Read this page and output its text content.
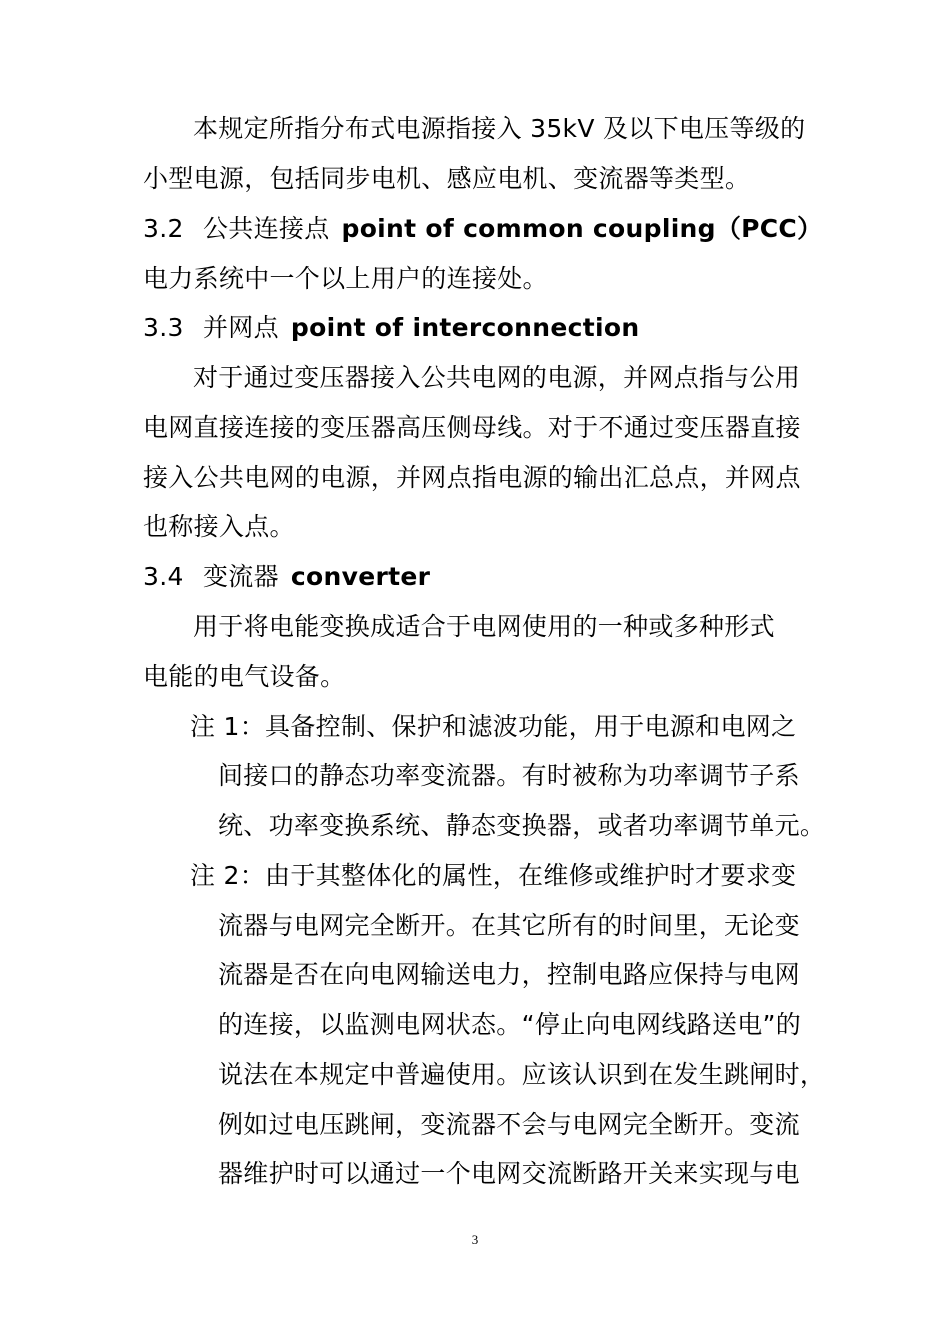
本规定所指分布式电源指接入 35kV 及以下电压等级的
小型电源，包括同步电机、感应电机、变流器等类型。
3.2 公共连接点 point of common coupling（PCC）
电力系统中一个以上用户的连接处。
3.3 并网点 point of interconnection
对于通过变压器接入公共电网的电源，并网点指与公用
电网直接连接的变压器高压侧母线。对于不通过变压器直接
接入公共电网的电源，并网点指电源的输出汇总点，并网点
也称接入点。
3.4 变流器 converter
用于将电能变换成适合于电网使用的一种或多种形式
电能的电气设备。
注 1：具备控制、保护和滤波功能，用于电源和电网之
间接口的静态功率变流器。有时被称为功率调节子系
统、功率变换系统、静态变换器，或者功率调节单元。
注 2：由于其整体化的属性，在维修或维护时才要求变
流器与电网完全断开。在其它所有的时间里，无论变
流器是否在向电网输送电力，控制电路应保持与电网
的连接，以监测电网状态。“停止向电网线路送电”的
说法在本规定中普遍使用。应该认识到在发生跳闸时，
例如过电压跳闸，变流器不会与电网完全断开。变流
器维护时可以通过一个电网交流断路开关来实现与电
3
